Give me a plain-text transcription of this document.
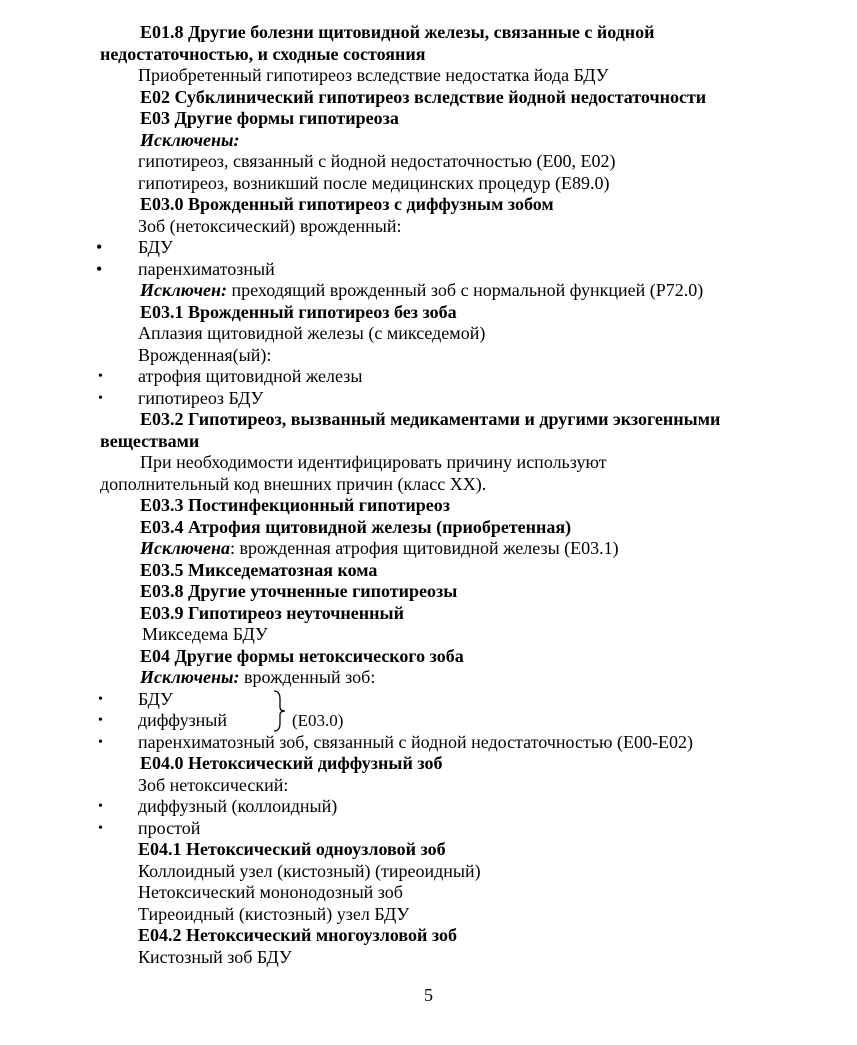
Е01.8 Другие болезни щитовидной железы, связанные с йодной недостаточностью, и сходные состояния
Приобретенный гипотиреоз вследствие недостатка йода БДУ
Е02 Субклинический гипотиреоз вследствие йодной недостаточности
Е03 Другие формы гипотиреоза
Исключены:
гипотиреоз, связанный с йодной недостаточностью (Е00, Е02)
гипотиреоз, возникший после медицинских процедур (Е89.0)
Е03.0 Врожденный гипотиреоз с диффузным зобом
Зоб (нетоксический) врожденный:
• БДУ
• паренхиматозный
Исключен: преходящий врожденный зоб с нормальной функцией (Р72.0)
Е03.1 Врожденный гипотиреоз без зоба
Аплазия щитовидной железы (с микседемой)
Врожденная(ый):
• атрофия щитовидной железы
• гипотиреоз БДУ
Е03.2 Гипотиреоз, вызванный медикаментами и другими экзогенными веществами
При необходимости идентифицировать причину используют дополнительный код внешних причин (класс XX).
Е03.3 Постинфекционный гипотиреоз
Е03.4 Атрофия щитовидной железы (приобретенная)
Исключена: врожденная атрофия щитовидной железы (Е03.1)
Е03.5 Микседематозная кома
Е03.8 Другие уточненные гипотиреозы
Е03.9 Гипотиреоз неуточненный
Микседема БДУ
Е04 Другие формы нетоксического зоба
Исключены: врожденный зоб:
• БДУ
• диффузный	(Е03.0)
• паренхиматозный зоб, связанный с йодной недостаточностью (Е00-Е02)
Е04.0 Нетоксический диффузный зоб
Зоб нетоксический:
• диффузный (коллоидный)
• простой
Е04.1 Нетоксический одноузловой зоб
Коллоидный узел (кистозный) (тиреоидный)
Нетоксический мононодозный зоб
Тиреоидный (кистозный) узел БДУ
Е04.2 Нетоксический многоузловой зоб
Кистозный зоб БДУ
5
